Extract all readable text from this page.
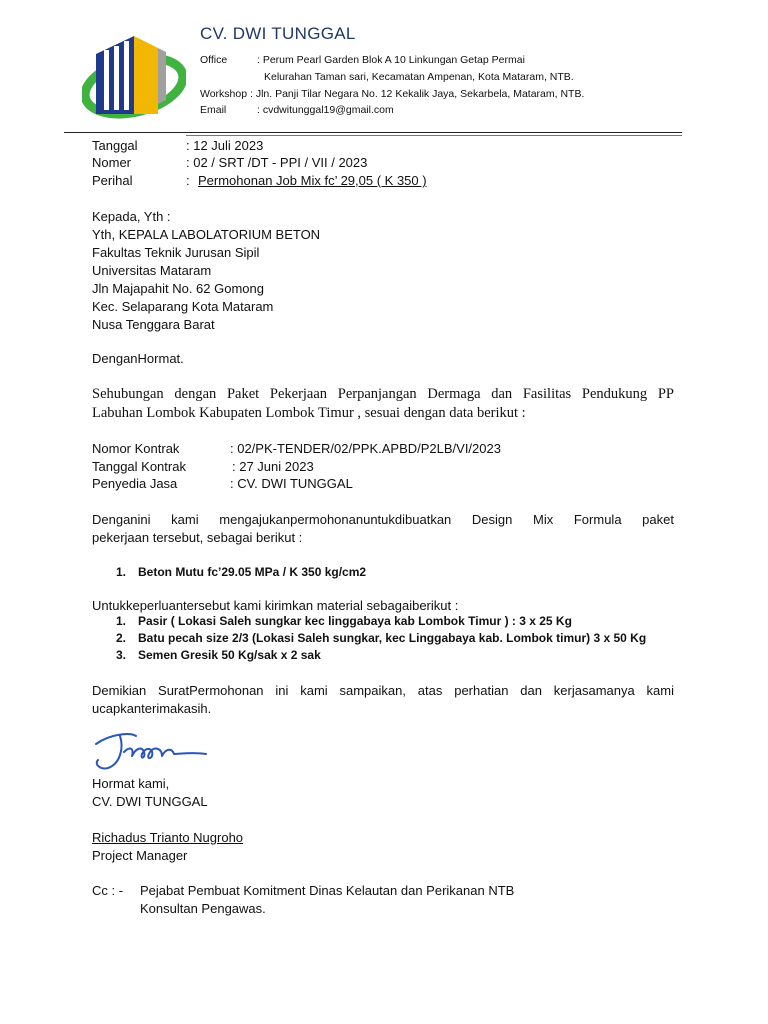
CV. DWI TUNGGAL
Office	: Perum Pearl Garden Blok A 10 Linkungan Getap Permai
Kelurahan Taman sari, Kecamatan Ampenan, Kota Mataram, NTB.
Workshop : Jln. Panji Tilar Negara No. 12 Kekalik Jaya, Sekarbela, Mataram, NTB.
Email	: cvdwitunggal19@gmail.com
Tanggal	: 12 Juli 2023
Nomer	: 02 / SRT /DT - PPI / VII / 2023
Perihal	: Permohonan Job Mix fc’ 29,05 ( K 350 )
Kepada, Yth :
Yth, KEPALA LABOLATORIUM BETON
Fakultas Teknik Jurusan Sipil
Universitas Mataram
Jln Majapahit No. 62 Gomong
Kec. Selaparang Kota Mataram
Nusa Tenggara Barat
DenganHormat.
Sehubungan dengan Paket Pekerjaan Perpanjangan Dermaga dan Fasilitas Pendukung PP
Labuhan Lombok Kabupaten Lombok Timur , sesuai dengan data berikut :
Nomor Kontrak	: 02/PK-TENDER/02/PPK.APBD/P2LB/VI/2023
Tanggal Kontrak	: 27 Juni 2023
Penyedia Jasa	: CV. DWI TUNGGAL
Denganini kami mengajukanpermohonanuntukdibuatkan Design Mix Formula paket
pekerjaan tersebut, sebagai berikut :
1. Beton Mutu fc’29.05 MPa / K 350 kg/cm2
Untukkeperluantersebut kami kirimkan material sebagaiberikut :
1. Pasir ( Lokasi Saleh sungkar kec linggabaya kab Lombok Timur ) : 3 x 25 Kg
2. Batu pecah size 2/3 (Lokasi Saleh sungkar, kec Linggabaya kab. Lombok timur) 3 x 50 Kg
3. Semen Gresik 50 Kg/sak x 2 sak
Demikian SuratPermohonan ini kami sampaikan, atas perhatian dan kerjasamanya kami
ucapkanterimakasih.
Hormat kami,
CV. DWI TUNGGAL
Richadus Trianto Nugroho
Project Manager
Cc : - Pejabat Pembuat Komitment Dinas Kelautan dan Perikanan NTB
Konsultan Pengawas.
